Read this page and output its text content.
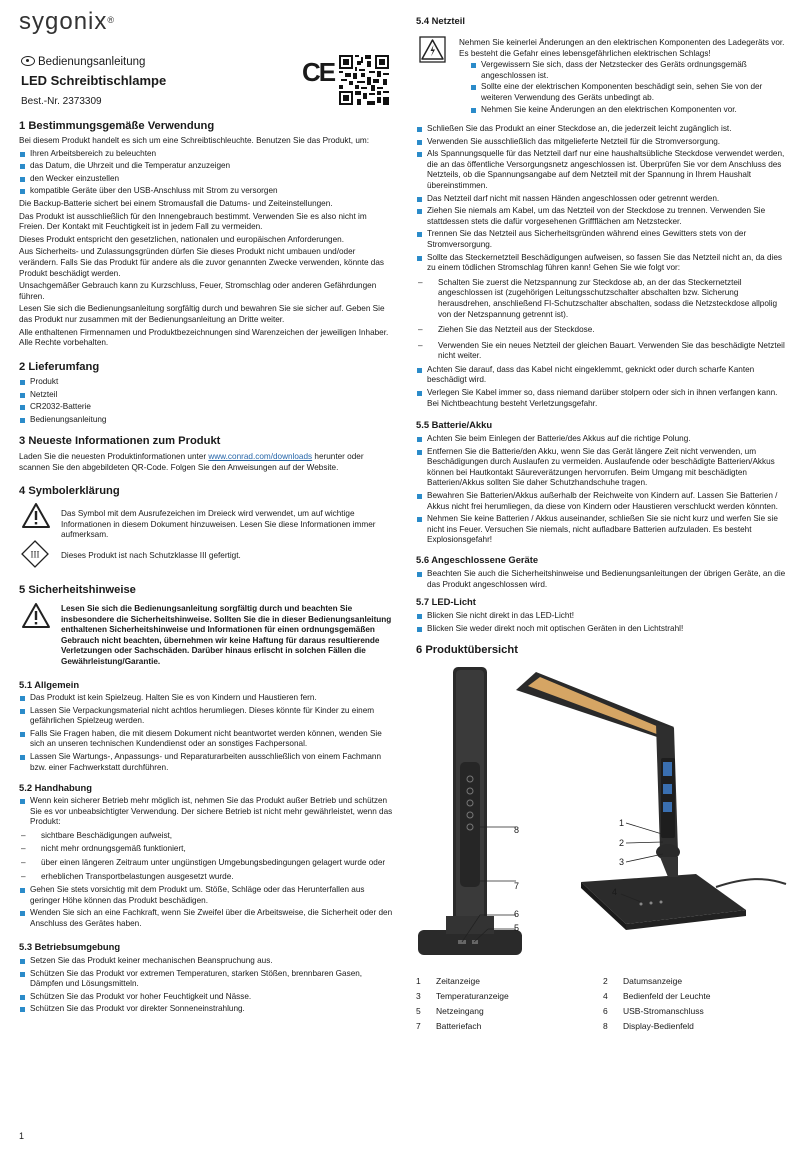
sygonix®
Bedienungsanleitung
LED Schreibtischlampe
Best.-Nr. 2373309
CE
1 Bestimmungsgemäße Verwendung

Bei diesem Produkt handelt es sich um eine Schreibtischleuchte. Benutzen Sie das Produkt, um:

Ihren Arbeitsbereich zu beleuchten
das Datum, die Uhrzeit und die Temperatur anzuzeigen
den Wecker einzustellen
kompatible Geräte über den USB-Anschluss mit Strom zu versorgen

Die Backup-Batterie sichert bei einem Stromausfall die Datums- und Zeiteinstellungen.

Das Produkt ist ausschließlich für den Innengebrauch bestimmt. Verwenden Sie es also nicht im Freien. Der Kontakt mit Feuchtigkeit ist in jedem Fall zu vermeiden.

Dieses Produkt entspricht den gesetzlichen, nationalen und europäischen Anforderungen.

Aus Sicherheits- und Zulassungsgründen dürfen Sie dieses Produkt nicht umbauen und/oder verändern. Falls Sie das Produkt für andere als die zuvor genannten Zwecke verwenden, könnte das Produkt beschädigt werden.

Unsachgemäßer Gebrauch kann zu Kurzschluss, Feuer, Stromschlag oder anderen Gefährdungen führen.

Lesen Sie sich die Bedienungsanleitung sorgfältig durch und bewahren Sie sie sicher auf. Geben Sie das Produkt nur zusammen mit der Bedienungsanleitung an Dritte weiter.

Alle enthaltenen Firmennamen und Produktbezeichnungen sind Warenzeichen der jeweiligen Inhaber. Alle Rechte vorbehalten.

2 Lieferumfang
Produkt
Netzteil
CR2032-Batterie
Bedienungsanleitung
3 Neueste Informationen zum Produkt

Laden Sie die neuesten Produktinformationen unter www.conrad.com/downloads herunter oder scannen Sie den abgebildeten QR-Code. Folgen Sie den Anweisungen auf der Website.

4 Symbolerklärung

Das Symbol mit dem Ausrufezeichen im Dreieck wird verwendet, um auf wichtige Informationen in diesem Dokument hinzuweisen. Lesen Sie diese Informationen immer aufmerksam.

III	Dieses Produkt ist nach Schutzklasse III gefertigt.

5 Sicherheitshinweise

Lesen Sie sich die Bedienungsanleitung sorgfältig durch und beachten Sie insbesondere die Sicherheitshinweise. Sollten Sie die in dieser Bedienungsanleitung enthaltenen Sicherheitshinweise und Informationen für einen ordnungsgemäßen Gebrauch nicht beachten, übernehmen wir keine Haftung für daraus resultierende Verletzungen oder Sachschäden. Darüber hinaus erlischt in solchen Fällen die Gewährleistung/Garantie.

5.1 Allgemein
Das Produkt ist kein Spielzeug. Halten Sie es von Kindern und Haustieren fern.
Lassen Sie Verpackungsmaterial nicht achtlos herumliegen. Dieses könnte für Kinder zu einem gefährlichen Spielzeug werden.
Falls Sie Fragen haben, die mit diesem Dokument nicht beantwortet werden können, wenden Sie sich an unseren technischen Kundendienst oder an sonstiges Fachpersonal.
Lassen Sie Wartungs-, Anpassungs- und Reparaturarbeiten ausschließlich von einem Fachmann bzw. einer Fachwerkstatt durchführen.
5.2 Handhabung
Wenn kein sicherer Betrieb mehr möglich ist, nehmen Sie das Produkt außer Betrieb und schützen Sie es vor unbeabsichtigter Verwendung. Der sichere Betrieb ist nicht mehr gewährleistet, wenn das Produkt:
– sichtbare Beschädigungen aufweist,
– nicht mehr ordnungsgemäß funktioniert,
– über einen längeren Zeitraum unter ungünstigen Umgebungsbedingungen gelagert wurde oder
– erheblichen Transportbelastungen ausgesetzt wurde.
Gehen Sie stets vorsichtig mit dem Produkt um. Stöße, Schläge oder das Herunterfallen aus geringer Höhe können das Produkt beschädigen.
Wenden Sie sich an eine Fachkraft, wenn Sie Zweifel über die Arbeitsweise, die Sicherheit oder den Anschluss des Gerätes haben.
5.3 Betriebsumgebung
Setzen Sie das Produkt keiner mechanischen Beanspruchung aus.
Schützen Sie das Produkt vor extremen Temperaturen, starken Stößen, brennbaren Gasen, Dämpfen und Lösungsmitteln.
Schützen Sie das Produkt vor hoher Feuchtigkeit und Nässe.
Schützen Sie das Produkt vor direkter Sonneneinstrahlung.
1
5.4 Netzteil

Nehmen Sie keinerlei Änderungen an den elektrischen Komponenten des Ladegeräts vor. Es besteht die Gefahr eines lebensgefährlichen elektrischen Schlags!

Vergewissern Sie sich, dass der Netzstecker des Geräts ordnungsgemäß angeschlossen ist.
Sollte eine der elektrischen Komponenten beschädigt sein, sehen Sie von der weiteren Verwendung des Geräts unbedingt ab.
Nehmen Sie keine Änderungen an den elektrischen Komponenten vor.
Schließen Sie das Produkt an einer Steckdose an, die jederzeit leicht zugänglich ist.
Verwenden Sie ausschließlich das mitgelieferte Netzteil für die Stromversorgung.
Als Spannungsquelle für das Netzteil darf nur eine haushaltsübliche Steckdose verwendet werden, die an das öffentliche Versorgungsnetz angeschlossen ist. Überprüfen Sie vor dem Anschluss des Netzteils, ob die Spannungsangabe auf dem Netzteil mit der Spannung in Ihrem Haushalt übereinstimmen.
Das Netzteil darf nicht mit nassen Händen angeschlossen oder getrennt werden.
Ziehen Sie niemals am Kabel, um das Netzteil von der Steckdose zu trennen. Verwenden Sie stattdessen stets die dafür vorgesehenen Griffflächen am Netzstecker.
Trennen Sie das Netzteil aus Sicherheitsgründen während eines Gewitters stets von der Stromversorgung.
Sollte das Steckernetzteil Beschädigungen aufweisen, so fassen Sie das Netzteil nicht an, da dies zu einem tödlichen Stromschlag führen kann! Gehen Sie wie folgt vor:
– Schalten Sie zuerst die Netzspannung zur Steckdose ab, an der das Steckernetzteil angeschlossen ist (zugehörigen Leitungsschutzschalter abschalten bzw. Sicherung herausdrehen, anschließend FI-Schutzschalter abschalten, sodass die Netzsteckdose allpolig von der Netzspannung getrennt ist).
– Ziehen Sie das Netzteil aus der Steckdose.
– Verwenden Sie ein neues Netzteil der gleichen Bauart. Verwenden Sie das beschädigte Netzteil nicht weiter.
Achten Sie darauf, dass das Kabel nicht eingeklemmt, geknickt oder durch scharfe Kanten beschädigt wird.
Verlegen Sie Kabel immer so, dass niemand darüber stolpern oder sich in ihnen verfangen kann. Bei Nichtbeachtung besteht Verletzungsgefahr.
5.5 Batterie/Akku
Achten Sie beim Einlegen der Batterie/des Akkus auf die richtige Polung.
Entfernen Sie die Batterie/den Akku, wenn Sie das Gerät längere Zeit nicht verwenden, um Beschädigungen durch Auslaufen zu vermeiden. Auslaufende oder beschädigte Batterien/Akkus können bei Hautkontakt Säureverätzungen hervorrufen. Beim Umgang mit beschädigten Batterien/Akkus sollten Sie daher Schutzhandschuhe tragen.
Bewahren Sie Batterien/Akkus außerhalb der Reichweite von Kindern auf. Lassen Sie Batterien / Akkus nicht frei herumliegen, da diese von Kindern oder Haustieren verschluckt werden könnten.
Nehmen Sie keine Batterien / Akkus auseinander, schließen Sie sie nicht kurz und werfen Sie sie nicht ins Feuer. Versuchen Sie niemals, nicht aufladbare Batterien aufzuladen. Es besteht Explosionsgefahr!
5.6 Angeschlossene Geräte
Beachten Sie auch die Sicherheitshinweise und Bedienungsanleitungen der übrigen Geräte, an die das Produkt angeschlossen wird.
5.7 LED-Licht
Blicken Sie nicht direkt in das LED-Licht!
Blicken Sie weder direkt noch mit optischen Geräten in den Lichtstrahl!
6 Produktübersicht
8
7
6
5
1
2
3
4
1 Zeitanzeige	2 Datumsanzeige
3 Temperaturanzeige	4 Bedienfeld der Leuchte
5 Netzeingang	6 USB-Stromanschluss
7 Batteriefach	8 Display-Bedienfeld
